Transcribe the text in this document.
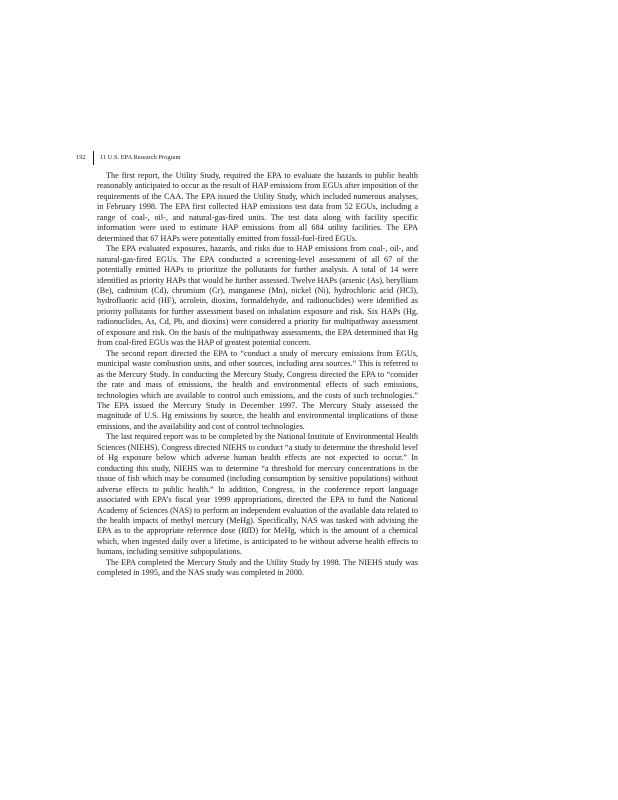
192 11 U.S. EPA Research Program

The first report, the Utility Study, required the EPA to evaluate the hazards to public health reasonably anticipated to occur as the result of HAP emissions from EGUs after imposition of the requirements of the CAA. The EPA issued the Utility Study, which included numerous analyses, in February 1998. The EPA first collected HAP emissions test data from 52 EGUs, including a range of coal-, oil-, and natural-gas-fired units. The test data along with facility specific information were used to estimate HAP emissions from all 684 utility facilities. The EPA determined that 67 HAPs were potentially emitted from fossil-fuel-fired EGUs.

The EPA evaluated exposures, hazards, and risks due to HAP emissions from coal-, oil-, and natural-gas-fired EGUs. The EPA conducted a screening-level assessment of all 67 of the potentially emitted HAPs to prioritize the pollutants for further analysis. A total of 14 were identified as priority HAPs that would be further assessed. Twelve HAPs (arsenic (As), beryllium (Be), cadmium (Cd), chromium (Cr), manganese (Mn), nickel (Ni), hydrochloric acid (HCl), hydrofluoric acid (HF), acrolein, dioxins, formaldehyde, and radionuclides) were identified as priority pollutants for further assessment based on inhalation exposure and risk. Six HAPs (Hg, radionuclides, As, Cd, Pb, and dioxins) were considered a priority for multipathway assessment of exposure and risk. On the basis of the multipathway assessments, the EPA determined that Hg from coal-fired EGUs was the HAP of greatest potential concern.

The second report directed the EPA to “conduct a study of mercury emissions from EGUs, municipal waste combustion units, and other sources, including area sources.” This is referred to as the Mercury Study. In conducting the Mercury Study, Congress directed the EPA to “consider the rate and mass of emissions, the health and environmental effects of such emissions, technologies which are available to control such emissions, and the costs of such technologies.” The EPA issued the Mercury Study in December 1997. The Mercury Study assessed the magnitude of U.S. Hg emissions by source, the health and environmental implications of those emissions, and the availability and cost of control technologies.

The last required report was to be completed by the National Institute of Environmental Health Sciences (NIEHS). Congress directed NIEHS to conduct “a study to determine the threshold level of Hg exposure below which adverse human health effects are not expected to occur.” In conducting this study, NIEHS was to determine “a threshold for mercury concentrations in the tissue of fish which may be consumed (including consumption by sensitive populations) without adverse effects to public health.” In addition, Congress, in the conference report language associated with EPA’s fiscal year 1999 appropriations, directed the EPA to fund the National Academy of Sciences (NAS) to perform an independent evaluation of the available data related to the health impacts of methyl mercury (MeHg). Specifically, NAS was tasked with advising the EPA as to the appropriate reference dose (RfD) for MeHg, which is the amount of a chemical which, when ingested daily over a lifetime, is anticipated to be without adverse health effects to humans, including sensitive subpopulations.

The EPA completed the Mercury Study and the Utility Study by 1998. The NIEHS study was completed in 1995, and the NAS study was completed in 2000.
